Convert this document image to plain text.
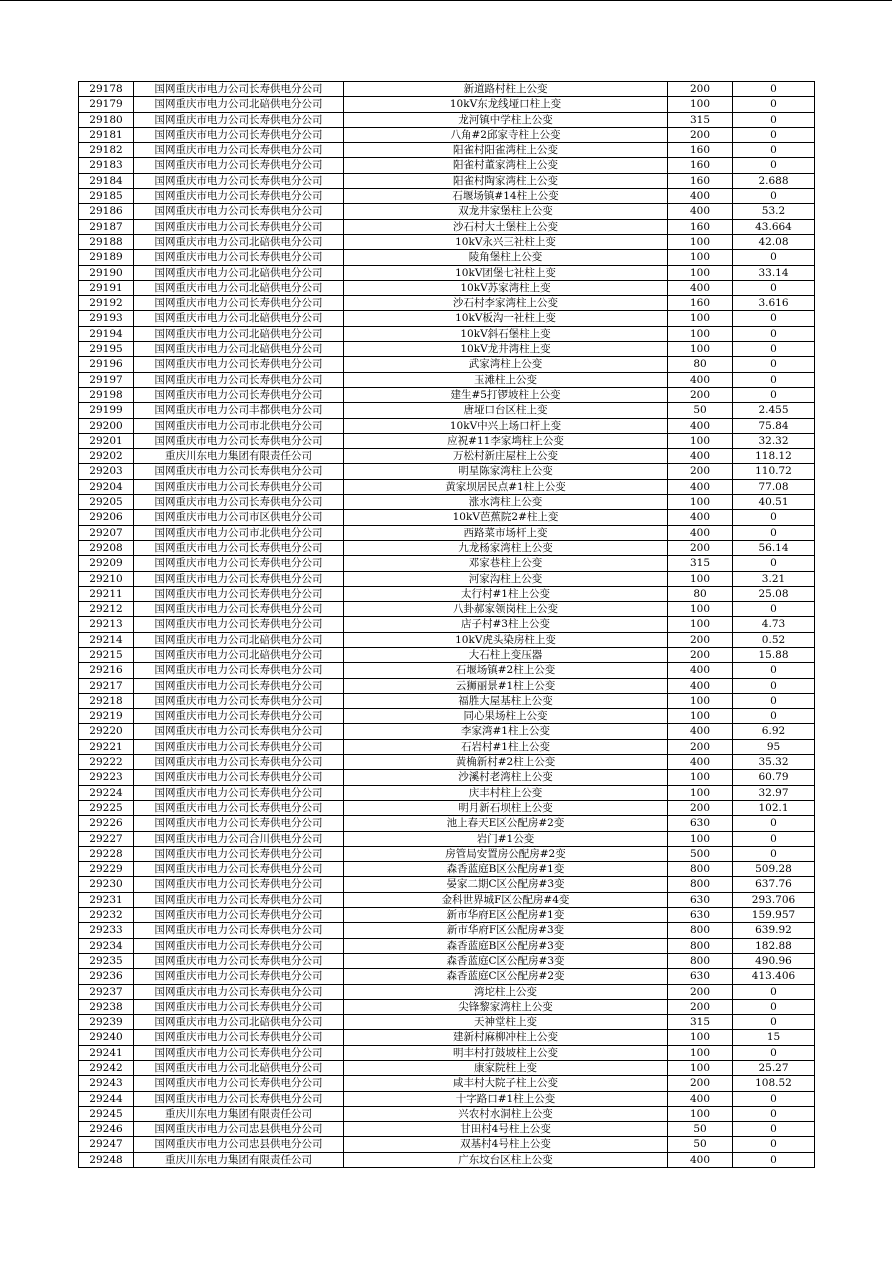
29178	国网重庆市电力公司长寿供电分公司	新道路村柱上公变	200	0
29179	国网重庆市电力公司北碚供电分公司	10kV东龙线垭口柱上变	100	0
29180	国网重庆市电力公司长寿供电分公司	龙河镇中学柱上公变	315	0
29181	国网重庆市电力公司长寿供电分公司	八角#2邱家寺柱上公变	200	0
29182	国网重庆市电力公司长寿供电分公司	阳雀村阳雀湾柱上公变	160	0
29183	国网重庆市电力公司长寿供电分公司	阳雀村董家湾柱上公变	160	0
29184	国网重庆市电力公司长寿供电分公司	阳雀村陶家湾柱上公变	160	2.688
29185	国网重庆市电力公司长寿供电分公司	石堰场镇#14柱上公变	400	0
29186	国网重庆市电力公司长寿供电分公司	双龙井家堡柱上公变	400	53.2
29187	国网重庆市电力公司长寿供电分公司	沙石村大土堡柱上公变	160	43.664
29188	国网重庆市电力公司北碚供电分公司	10kV永兴三社柱上变	100	42.08
29189	国网重庆市电力公司长寿供电分公司	陵角堡柱上公变	100	0
29190	国网重庆市电力公司北碚供电分公司	10kV团堡七社柱上变	100	33.14
29191	国网重庆市电力公司北碚供电分公司	10kV苏家湾柱上变	400	0
29192	国网重庆市电力公司长寿供电分公司	沙石村李家湾柱上公变	160	3.616
29193	国网重庆市电力公司北碚供电分公司	10kV板沟一社柱上变	100	0
29194	国网重庆市电力公司北碚供电分公司	10kV斜石堡柱上变	100	0
29195	国网重庆市电力公司北碚供电分公司	10kV龙井湾柱上变	100	0
29196	国网重庆市电力公司长寿供电分公司	武家湾柱上公变	80	0
29197	国网重庆市电力公司长寿供电分公司	玉滩柱上公变	400	0
29198	国网重庆市电力公司长寿供电分公司	建生#5打锣坡柱上公变	200	0
29199	国网重庆市电力公司丰都供电分公司	唐垭口台区柱上变	50	2.455
29200	国网重庆市电力公司市北供电分公司	10kV中兴上场口杆上变	400	75.84
29201	国网重庆市电力公司长寿供电分公司	应祝#11李家塆柱上公变	100	32.32
29202	重庆川东电力集团有限责任公司	万松村新庄屋柱上公变	400	118.12
29203	国网重庆市电力公司长寿供电分公司	明星陈家湾柱上公变	200	110.72
29204	国网重庆市电力公司长寿供电分公司	黄家坝居民点#1柱上公变	400	77.08
29205	国网重庆市电力公司长寿供电分公司	涨水湾柱上公变	100	40.51
29206	国网重庆市电力公司市区供电分公司	10kV芭蕉院2#柱上变	400	0
29207	国网重庆市电力公司市北供电分公司	西路菜市场杆上变	400	0
29208	国网重庆市电力公司长寿供电分公司	九龙杨家湾柱上公变	200	56.14
29209	国网重庆市电力公司长寿供电分公司	邓家巷柱上公变	315	0
29210	国网重庆市电力公司长寿供电分公司	河家沟柱上公变	100	3.21
29211	国网重庆市电力公司长寿供电分公司	太行村#1柱上公变	80	25.08
29212	国网重庆市电力公司长寿供电分公司	八卦郝家领岗柱上公变	100	0
29213	国网重庆市电力公司长寿供电分公司	店子村#3柱上公变	100	4.73
29214	国网重庆市电力公司北碚供电分公司	10kV虎头染房柱上变	200	0.52
29215	国网重庆市电力公司北碚供电分公司	大石柱上变压器	200	15.88
29216	国网重庆市电力公司长寿供电分公司	石堰场镇#2柱上公变	400	0
29217	国网重庆市电力公司长寿供电分公司	云狮丽景#1柱上公变	400	0
29218	国网重庆市电力公司长寿供电分公司	福胜大屋基柱上公变	100	0
29219	国网重庆市电力公司长寿供电分公司	同心果场柱上公变	100	0
29220	国网重庆市电力公司长寿供电分公司	李家湾#1柱上公变	400	6.92
29221	国网重庆市电力公司长寿供电分公司	石岩村#1柱上公变	200	95
29222	国网重庆市电力公司长寿供电分公司	黄桷新村#2柱上公变	400	35.32
29223	国网重庆市电力公司长寿供电分公司	沙溪村老湾柱上公变	100	60.79
29224	国网重庆市电力公司长寿供电分公司	庆丰村柱上公变	100	32.97
29225	国网重庆市电力公司长寿供电分公司	明月新石坝柱上公变	200	102.1
29226	国网重庆市电力公司长寿供电分公司	池上春天E区公配房#2变	630	0
29227	国网重庆市电力公司合川供电分公司	岩门#1公变	100	0
29228	国网重庆市电力公司长寿供电分公司	房管局安置房公配房#2变	500	0
29229	国网重庆市电力公司长寿供电分公司	森香蓝庭B区公配房#1变	800	509.28
29230	国网重庆市电力公司长寿供电分公司	晏家二期C区公配房#3变	800	637.76
29231	国网重庆市电力公司长寿供电分公司	金科世界城F区公配房#4变	630	293.706
29232	国网重庆市电力公司长寿供电分公司	新市华府E区公配房#1变	630	159.957
29233	国网重庆市电力公司长寿供电分公司	新市华府F区公配房#3变	800	639.92
29234	国网重庆市电力公司长寿供电分公司	森香蓝庭B区公配房#3变	800	182.88
29235	国网重庆市电力公司长寿供电分公司	森香蓝庭C区公配房#3变	800	490.96
29236	国网重庆市电力公司长寿供电分公司	森香蓝庭C区公配房#2变	630	413.406
29237	国网重庆市电力公司长寿供电分公司	湾坨柱上公变	200	0
29238	国网重庆市电力公司长寿供电分公司	尖锋黎家湾柱上公变	200	0
29239	国网重庆市电力公司北碚供电分公司	天神堂柱上变	315	0
29240	国网重庆市电力公司长寿供电分公司	建新村麻柳冲柱上公变	100	15
29241	国网重庆市电力公司长寿供电分公司	明丰村打鼓坡柱上公变	100	0
29242	国网重庆市电力公司北碚供电分公司	康家院柱上变	100	25.27
29243	国网重庆市电力公司长寿供电分公司	咸丰村大院子柱上公变	200	108.52
29244	国网重庆市电力公司长寿供电分公司	十字路口#1柱上公变	400	0
29245	重庆川东电力集团有限责任公司	兴农村水洞柱上公变	100	0
29246	国网重庆市电力公司忠县供电分公司	甘田村4号柱上公变	50	0
29247	国网重庆市电力公司忠县供电分公司	双基村4号柱上公变	50	0
29248	重庆川东电力集团有限责任公司	广东坟台区柱上公变	400	0
